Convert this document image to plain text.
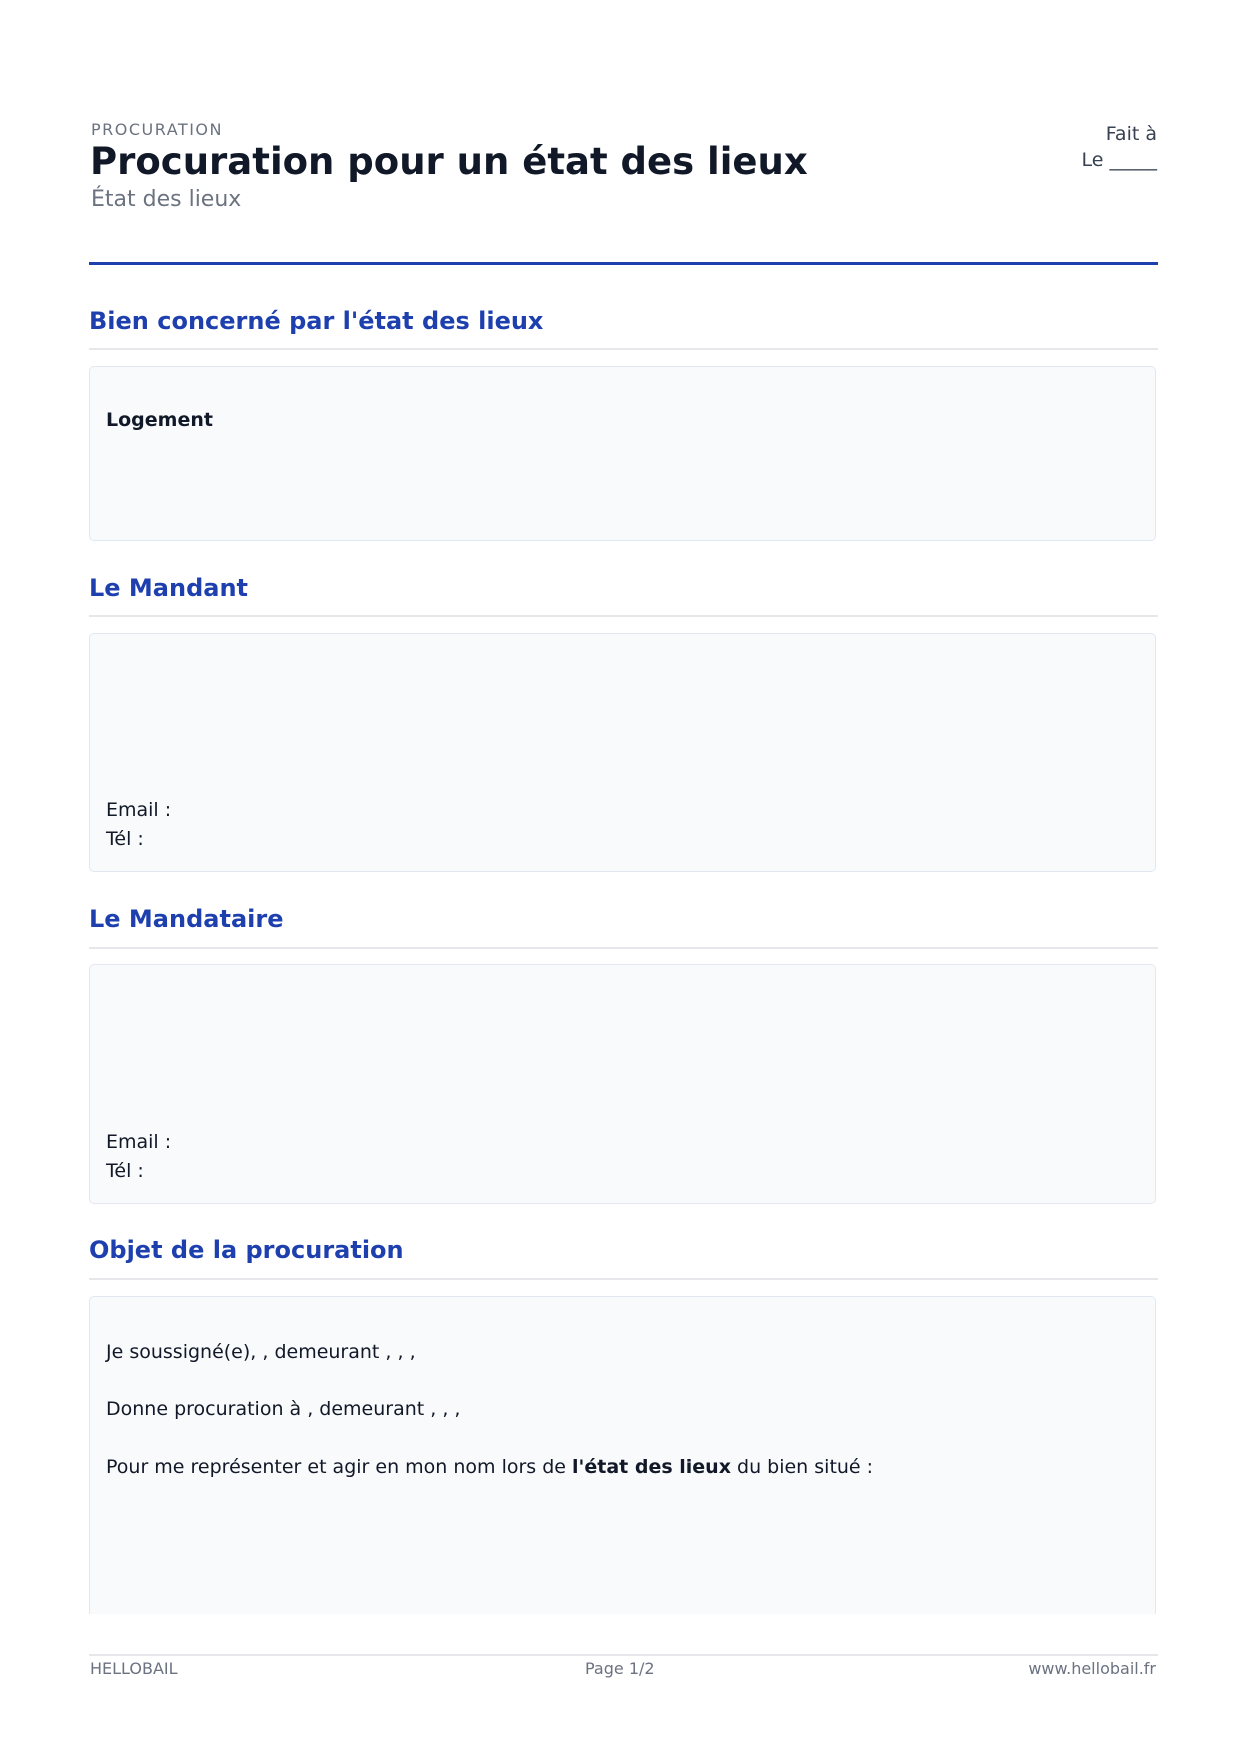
PROCURATION
Procuration pour un état des lieux
État des lieux
Fait à
Le _____
Bien concerné par l'état des lieux
Logement
Le Mandant
Email :
Tél :
Le Mandataire
Email :
Tél :
Objet de la procuration
Je soussigné(e), , demeurant , , ,
Donne procuration à , demeurant , , ,
Pour me représenter et agir en mon nom lors de l'état des lieux du bien situé :
HELLOBAIL	Page 1/2	www.hellobail.fr
